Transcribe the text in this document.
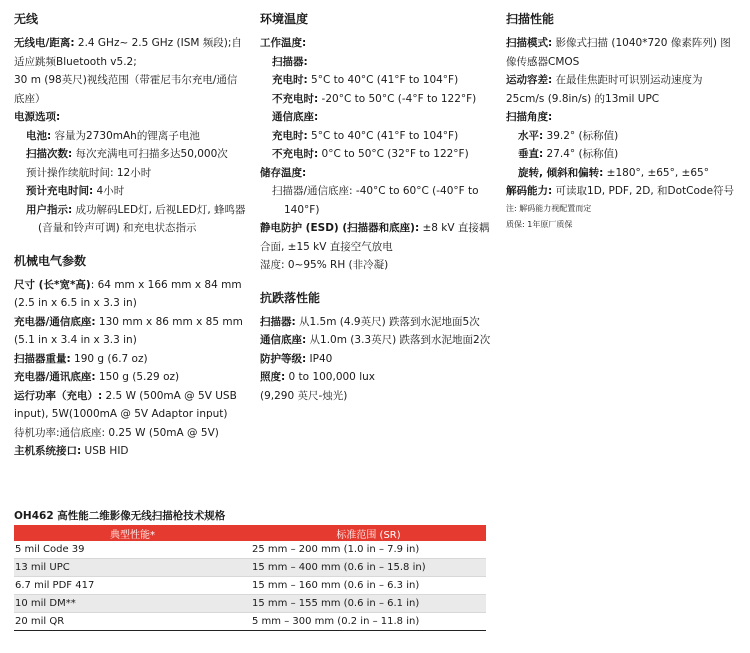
无线

无线电/距离: 2.4 GHz~ 2.5 GHz (ISM 频段);自适应跳频Bluetooth v5.2;

30 m (98英尺)视线范围（带霍尼韦尔充电/通信底座）

电源选项:

电池: 容量为2730mAh的锂离子电池

扫描次数: 每次充满电可扫描多达50,000次

预计操作续航时间: 12小时

预计充电时间: 4小时

用户指示: 成功解码LED灯, 后视LED灯, 蜂鸣器(音量和铃声可调) 和充电状态指示

机械电气参数

尺寸 (长*宽*高): 64 mm x 166 mm x 84 mm (2.5 in x 6.5 in x 3.3 in)

充电器/通信底座: 130 mm x 86 mm x 85 mm (5.1 in x 3.4 in x 3.3 in)

扫描器重量: 190 g (6.7 oz)

充电器/通讯底座: 150 g (5.29 oz)

运行功率（充电）: 2.5 W (500mA @ 5V USB input), 5W(1000mA @ 5V Adaptor input)

待机功率:通信底座: 0.25 W (50mA @ 5V)

主机系统接口: USB HID

环境温度

工作温度:

扫描器:

充电时: 5°C to 40°C (41°F to 104°F)

不充电时: -20°C to 50°C (-4°F to 122°F)

通信底座:

充电时: 5°C to 40°C (41°F to 104°F)

不充电时: 0°C to 50°C (32°F to 122°F)

储存温度:

扫描器/通信底座: -40°C to 60°C (-40°F to 140°F)

静电防护 (ESD) (扫描器和底座): ±8 kV 直接耦合面, ±15 kV 直接空气放电

湿度: 0~95% RH (非冷凝)

抗跌落性能

扫描器: 从1.5m (4.9英尺) 跌落到水泥地面5次

通信底座: 从1.0m (3.3英尺) 跌落到水泥地面2次

防护等级: IP40

照度: 0 to 100,000 lux

(9,290 英尺-烛光)

扫描性能

扫描模式: 影像式扫描 (1040*720 像素阵列) 图像传感器CMOS

运动容差: 在最佳焦距时可识别运动速度为 25cm/s (9.8in/s) 的13mil UPC

扫描角度:

水平: 39.2° (标称值)

垂直: 27.4° (标称值)

旋转, 倾斜和偏转: ±180°, ±65°, ±65°

解码能力: 可读取1D, PDF, 2D, 和DotCode符号

注: 解码能力视配置而定

质保: 1年原厂质保

OH462 高性能二维影像无线扫描枪技术规格
典型性能*	标准范围 (SR)
5 mil Code 39	25 mm – 200 mm (1.0 in – 7.9 in)
13 mil UPC	15 mm – 400 mm (0.6 in – 15.8 in)
6.7 mil PDF 417	15 mm – 160 mm (0.6 in – 6.3 in)
10 mil DM**	15 mm – 155 mm (0.6 in – 6.1 in)
20 mil QR	5 mm – 300 mm (0.2 in – 11.8 in)
